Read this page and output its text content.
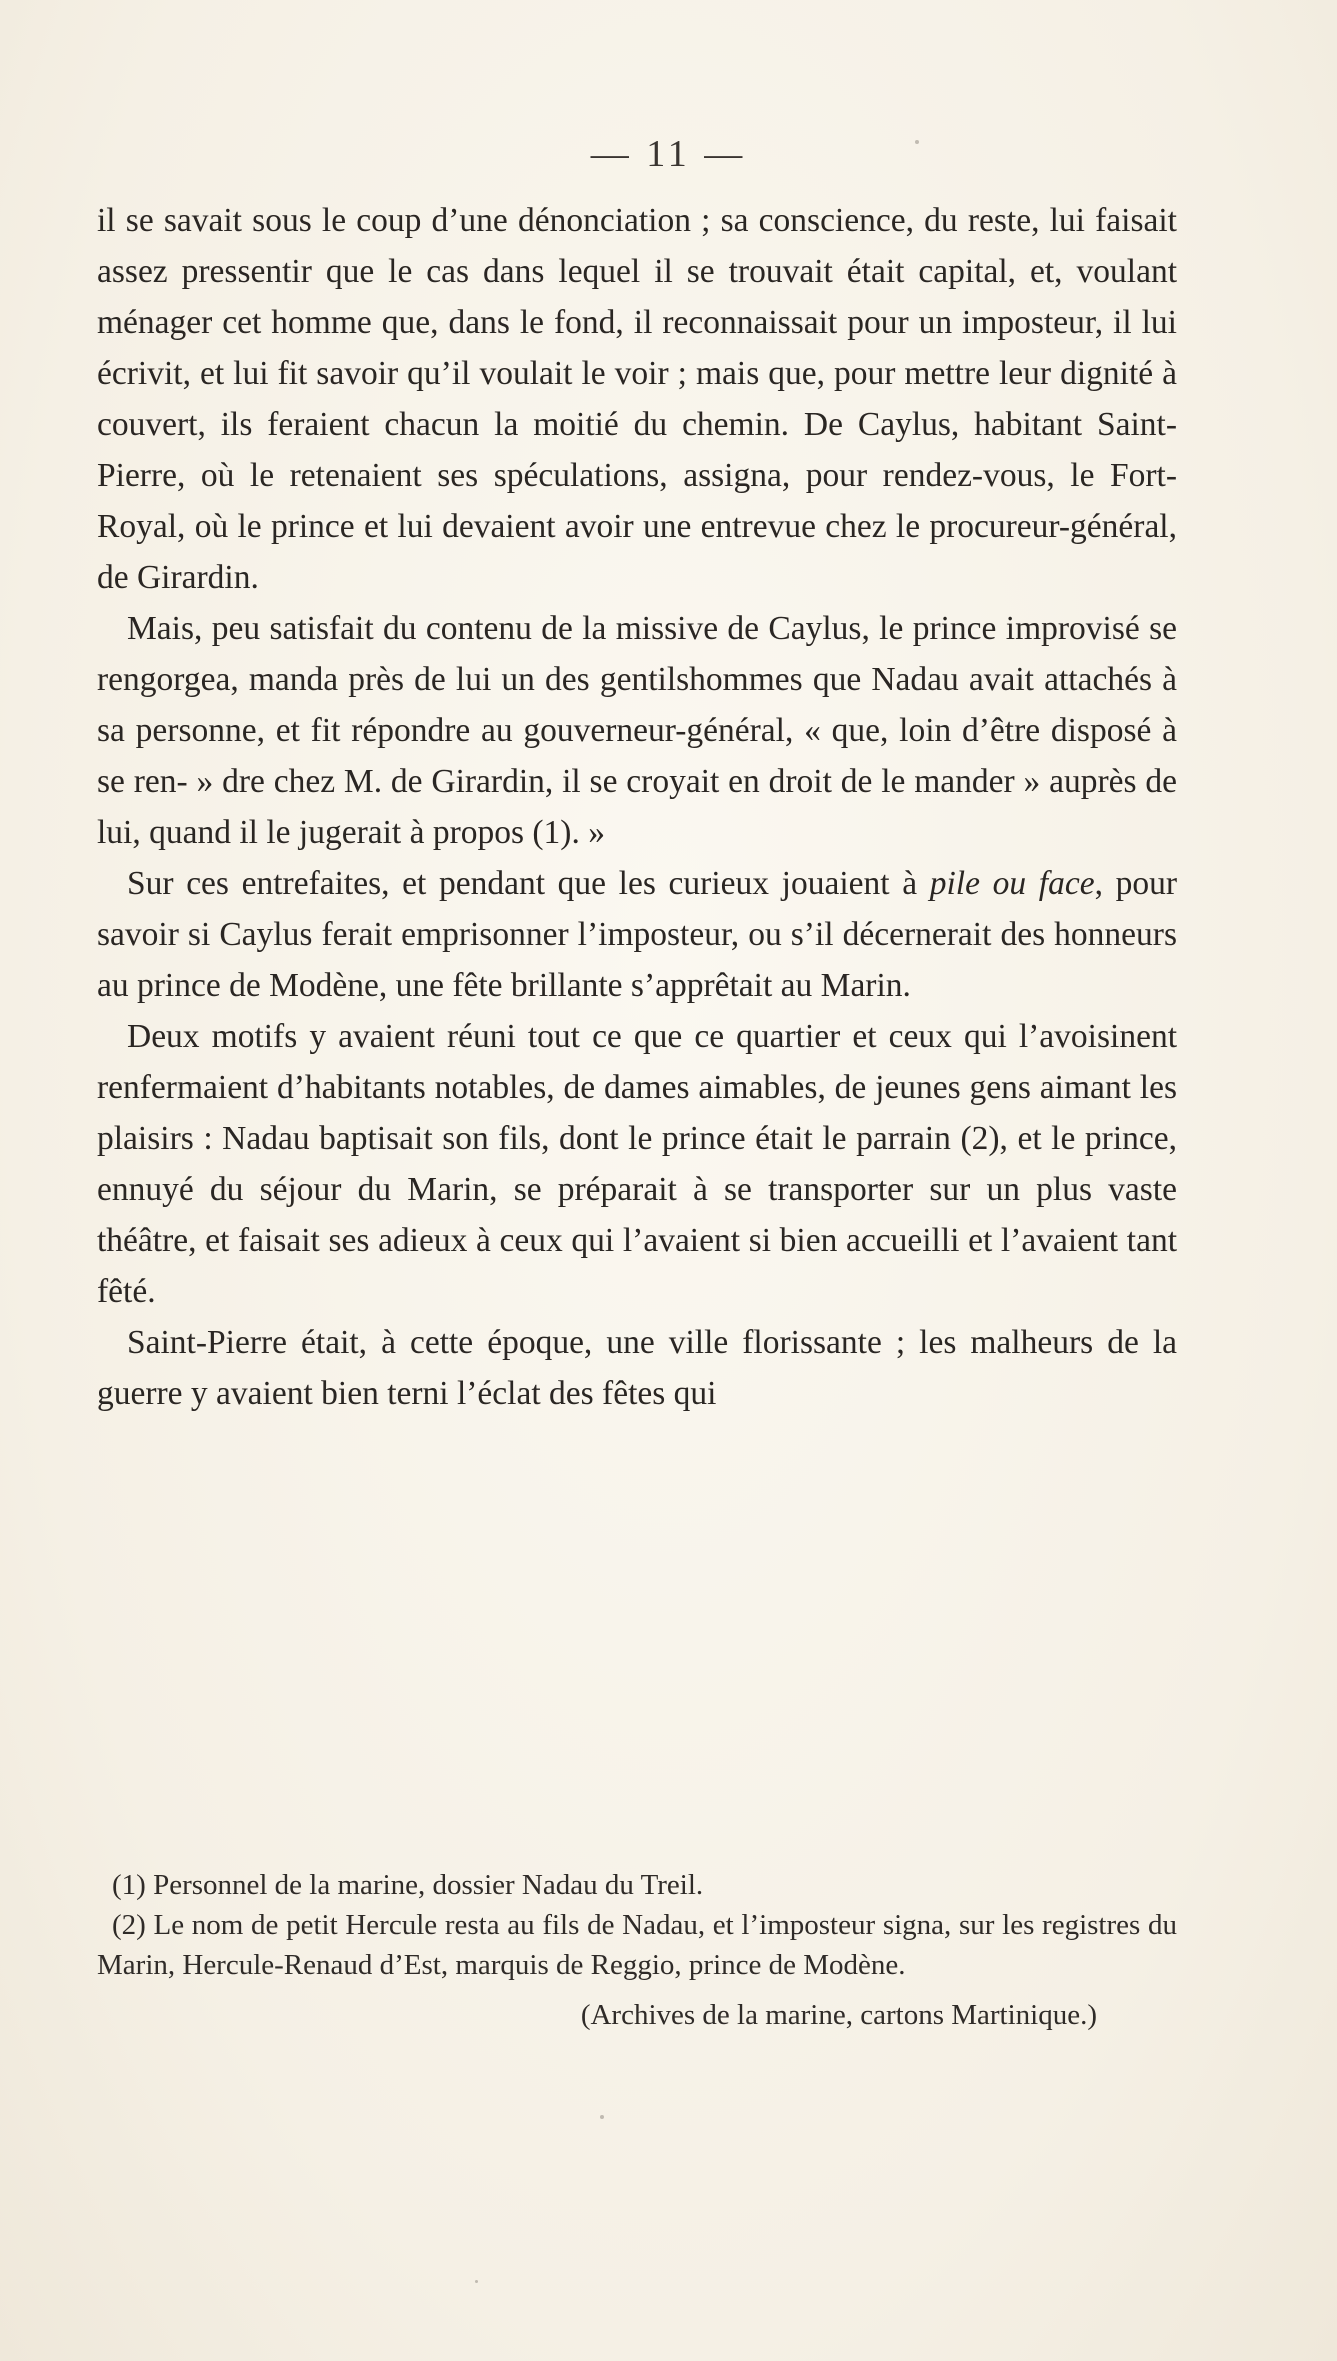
— 11 —

il se savait sous le coup d’une dénonciation ; sa conscience, du reste, lui faisait assez pressentir que le cas dans lequel il se trouvait était capital, et, voulant ménager cet homme que, dans le fond, il reconnaissait pour un imposteur, il lui écrivit, et lui fit savoir qu’il voulait le voir ; mais que, pour mettre leur dignité à couvert, ils feraient chacun la moitié du chemin. De Caylus, habitant Saint-Pierre, où le retenaient ses spéculations, assigna, pour rendez-vous, le Fort-Royal, où le prince et lui devaient avoir une entrevue chez le procureur-général, de Girardin.

Mais, peu satisfait du contenu de la missive de Caylus, le prince improvisé se rengorgea, manda près de lui un des gentilshommes que Nadau avait attachés à sa personne, et fit répondre au gouverneur-général, « que, loin d’être disposé à se ren- » dre chez M. de Girardin, il se croyait en droit de le mander » auprès de lui, quand il le jugerait à propos (1). »

Sur ces entrefaites, et pendant que les curieux jouaient à pile ou face, pour savoir si Caylus ferait emprisonner l’imposteur, ou s’il décernerait des honneurs au prince de Modène, une fête brillante s’apprêtait au Marin.

Deux motifs y avaient réuni tout ce que ce quartier et ceux qui l’avoisinent renfermaient d’habitants notables, de dames aimables, de jeunes gens aimant les plaisirs : Nadau baptisait son fils, dont le prince était le parrain (2), et le prince, ennuyé du séjour du Marin, se préparait à se transporter sur un plus vaste théâtre, et faisait ses adieux à ceux qui l’avaient si bien accueilli et l’avaient tant fêté.

Saint-Pierre était, à cette époque, une ville florissante ; les malheurs de la guerre y avaient bien terni l’éclat des fêtes qui

(1) Personnel de la marine, dossier Nadau du Treil.

(2) Le nom de petit Hercule resta au fils de Nadau, et l’imposteur signa, sur les registres du Marin, Hercule-Renaud d’Est, marquis de Reggio, prince de Modène.

(Archives de la marine, cartons Martinique.)
